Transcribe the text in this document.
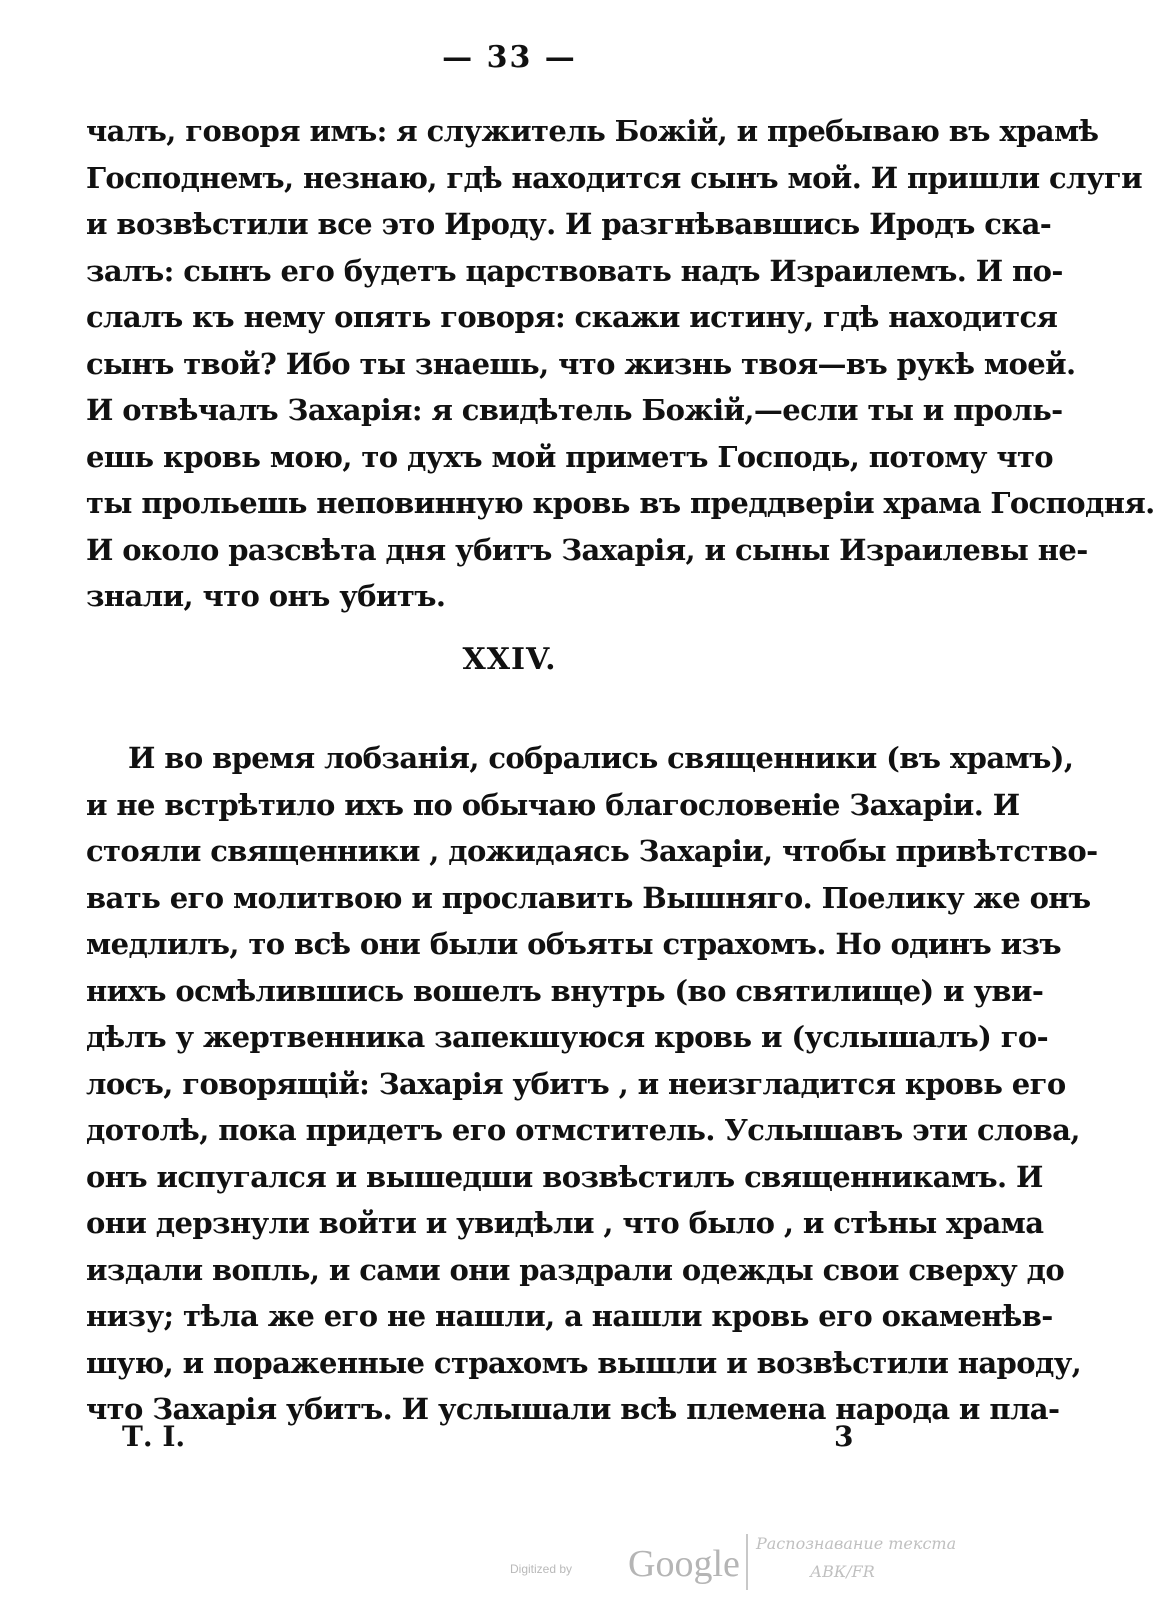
— 33 —
чалъ, говоря имъ: я служитель Божій, и пребываю въ храмѣ
Господнемъ, незнаю, гдѣ находится сынъ мой. И пришли слуги
и возвѣстили все это Ироду. И разгнѣвавшись Иродъ ска-
залъ: сынъ его будетъ царствовать надъ Израилемъ. И по-
слалъ къ нему опять говоря: скажи истину, гдѣ находится
сынъ твой? Ибо ты знаешь, что жизнь твоя—въ рукѣ моей.
И отвѣчалъ Захарія: я свидѣтель Божій,—если ты и проль-
ешь кровь мою, то духъ мой приметъ Господь, потому что
ты прольешь неповинную кровь въ преддверіи храма Господня.
И около разсвѣта дня убитъ Захарія, и сыны Израилевы не-
знали, что онъ убитъ.
XXIV.
И во время лобзанія, собрались священники (въ храмъ),
и не встрѣтило ихъ по обычаю благословеніе Захаріи. И
стояли священники , дожидаясь Захаріи, чтобы привѣтство-
вать его молитвою и прославить Вышняго. Поелику же онъ
медлилъ, то всѣ они были объяты страхомъ. Но одинъ изъ
нихъ осмѣлившись вошелъ внутрь (во святилище) и уви-
дѣлъ у жертвенника запекшуюся кровь и (услышалъ) го-
лосъ, говорящій: Захарія убитъ , и неизгладится кровь его
дотолѣ, пока придетъ его отмститель. Услышавъ эти слова,
онъ испугался и вышедши возвѣстилъ священникамъ. И
они дерзнули войти и увидѣли , что было , и стѣны храма
издали вопль, и сами они раздрали одежды свои сверху до
низу; тѣла же его не нашли, а нашли кровь его окаменѣв-
шую, и пораженные страхомъ вышли и возвѣстили народу,
что Захарія убитъ. И услышали всѣ племена народа и пла-
Т. I.	3
Digitized by Google Распознавание текста
АВК/FR
